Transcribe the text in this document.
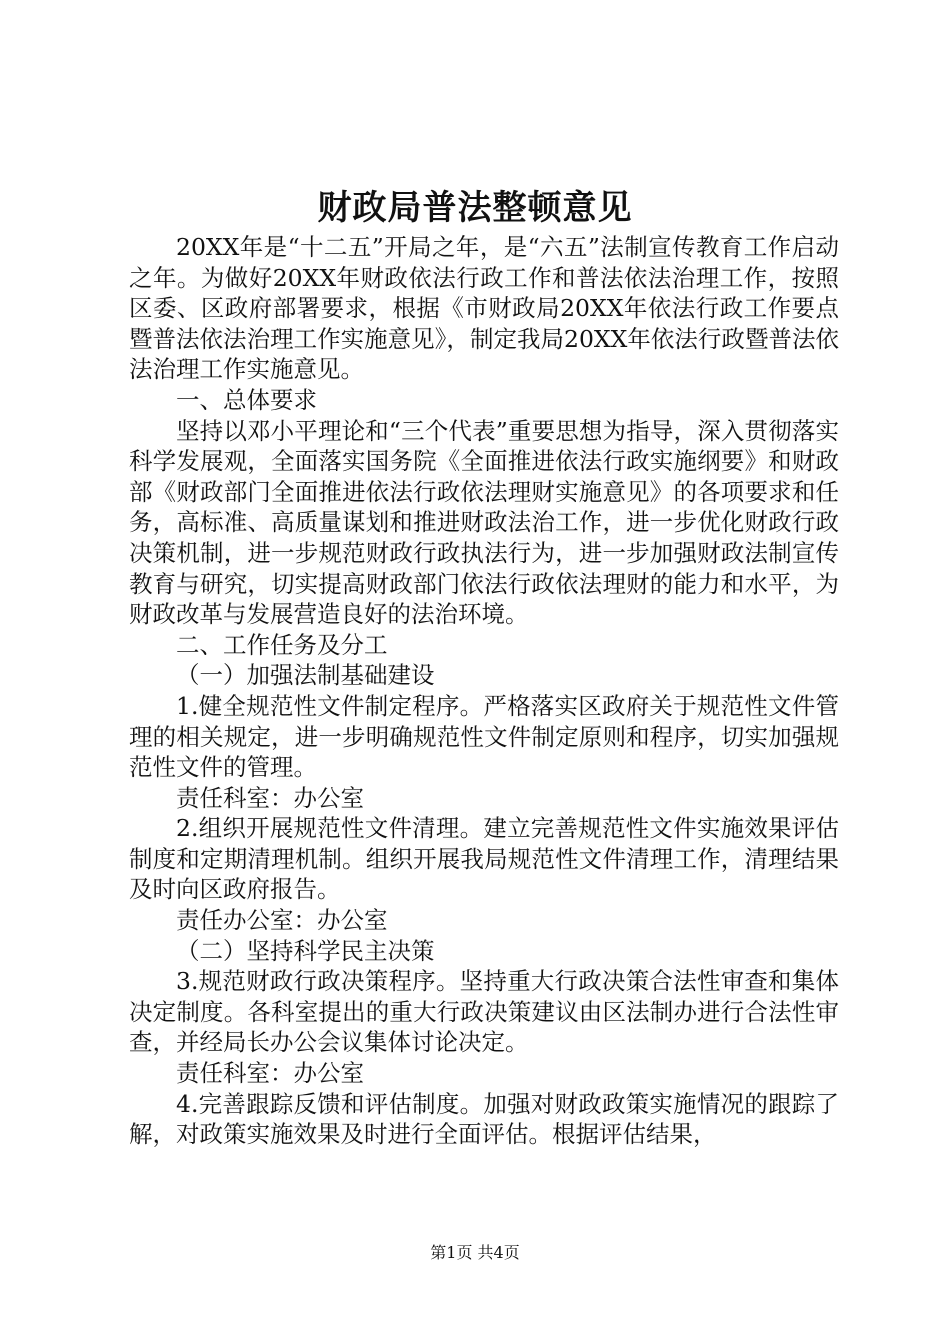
财政局普法整顿意见

20XX年是“十二五”开局之年，是“六五”法制宣传教育工作启动之年。为做好20XX年财政依法行政工作和普法依法治理工作，按照区委、区政府部署要求，根据《市财政局20XX年依法行政工作要点暨普法依法治理工作实施意见》，制定我局20XX年依法行政暨普法依法治理工作实施意见。

一、总体要求

坚持以邓小平理论和“三个代表”重要思想为指导，深入贯彻落实科学发展观，全面落实国务院《全面推进依法行政实施纲要》和财政部《财政部门全面推进依法行政依法理财实施意见》的各项要求和任务，高标准、高质量谋划和推进财政法治工作，进一步优化财政行政决策机制，进一步规范财政行政执法行为，进一步加强财政法制宣传教育与研究，切实提高财政部门依法行政依法理财的能力和水平，为财政改革与发展营造良好的法治环境。

二、工作任务及分工

（一）加强法制基础建设

1.健全规范性文件制定程序。严格落实区政府关于规范性文件管理的相关规定，进一步明确规范性文件制定原则和程序，切实加强规范性文件的管理。

责任科室：办公室

2.组织开展规范性文件清理。建立完善规范性文件实施效果评估制度和定期清理机制。组织开展我局规范性文件清理工作，清理结果及时向区政府报告。

责任办公室：办公室

（二）坚持科学民主决策

3.规范财政行政决策程序。坚持重大行政决策合法性审查和集体决定制度。各科室提出的重大行政决策建议由区法制办进行合法性审查，并经局长办公会议集体讨论决定。

责任科室：办公室

4.完善跟踪反馈和评估制度。加强对财政政策实施情况的跟踪了解，对政策实施效果及时进行全面评估。根据评估结果，

第1页 共4页
